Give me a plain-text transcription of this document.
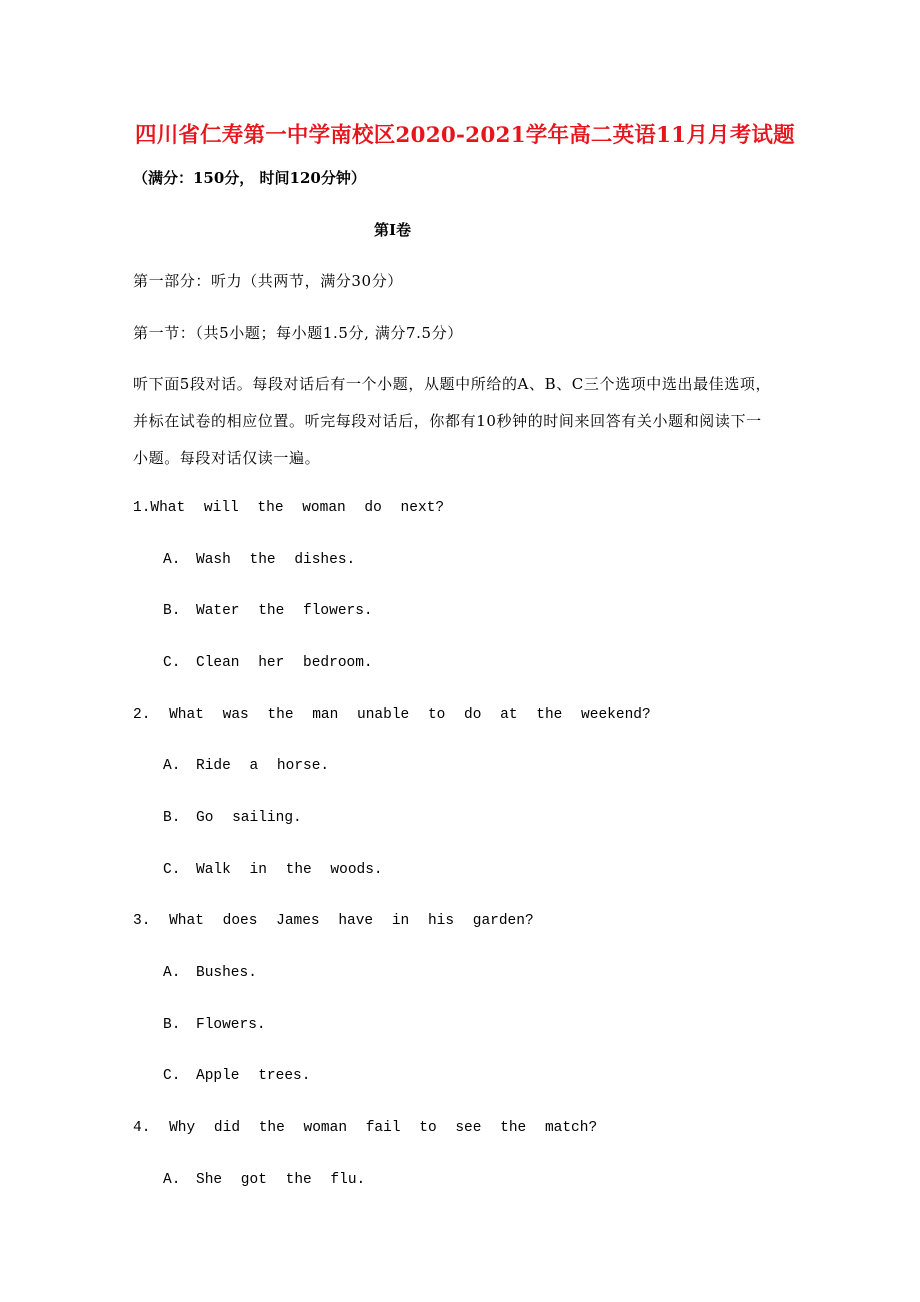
四川省仁寿第一中学南校区2020-2021学年高二英语11月月考试题
（满分：150分， 时间120分钟）
第Ⅰ卷
第一部分：听力（共两节，满分30分）
第一节：（共5小题；每小题1.5分, 满分7.5分）
听下面5段对话。每段对话后有一个小题，从题中所给的A、B、C三个选项中选出最佳选项，
并标在试卷的相应位置。听完每段对话后，你都有10秒钟的时间来回答有关小题和阅读下一
小题。每段对话仅读一遍。
1.What will the woman do next?
A. Wash the dishes.
B. Water the flowers.
C. Clean her bedroom.
2. What was the man unable to do at the weekend?
A. Ride a horse.
B. Go sailing.
C. Walk in the woods.
3. What does James have in his garden?
A. Bushes.
B. Flowers.
C. Apple trees.
4. Why did the woman fail to see the match?
A. She got the flu.
